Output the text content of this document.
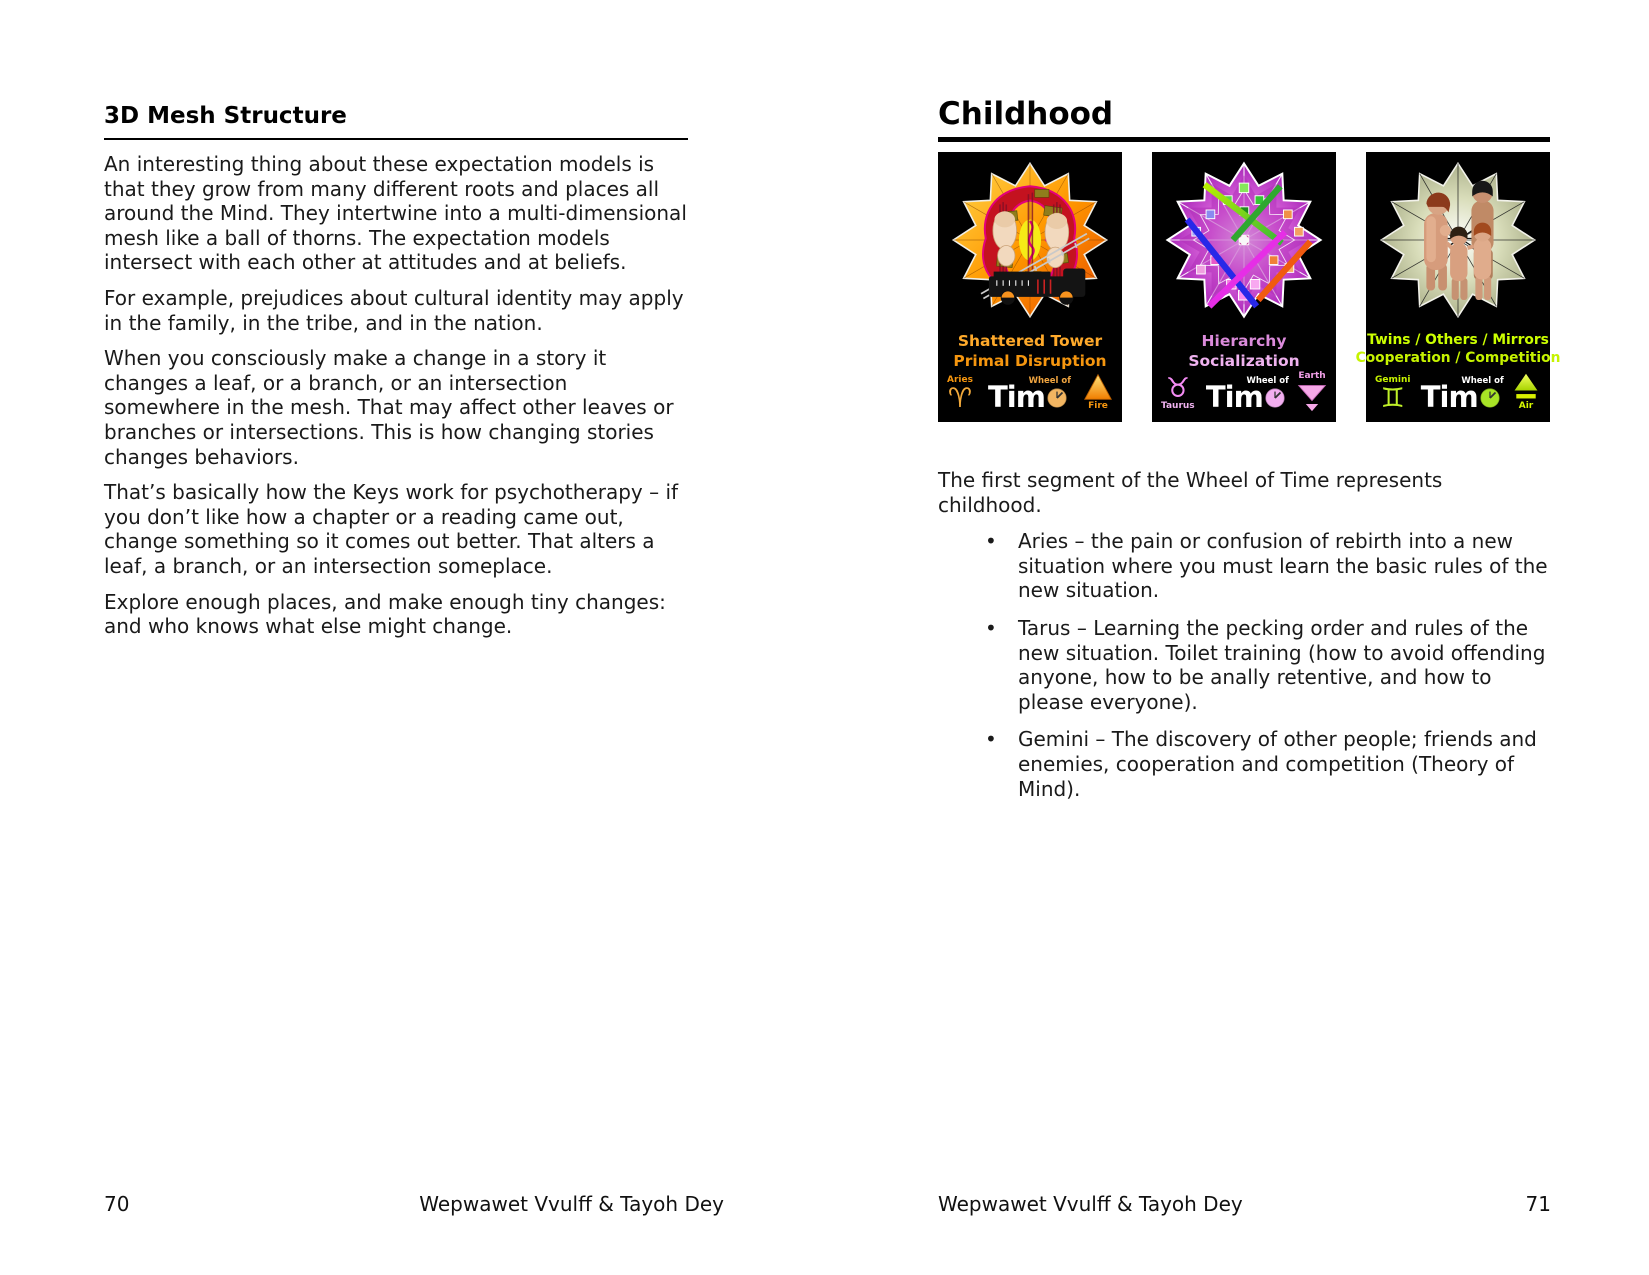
3D Mesh Structure

An interesting thing about these expectation models is that they grow from many different roots and places all around the Mind. They intertwine into a multi-dimensional mesh like a ball of thorns. The expectation models intersect with each other at attitudes and at beliefs.

For example, prejudices about cultural identity may apply in the family, in the tribe, and in the nation.

When you consciously make a change in a story it changes a leaf, or a branch, or an intersection somewhere in the mesh. That may affect other leaves or branches or intersections. This is how changing stories changes behaviors.

That’s basically how the Keys work for psychotherapy – if you don’t like how a chapter or a reading came out, change something so it comes out better. That alters a leaf, a branch, or an intersection someplace.

Explore enough places, and make enough tiny changes: and who knows what else might change.

Childhood
Shattered Tower
Primal Disruption
Aries
♈ Tim
Wheel of
Fire
Hierarchy
Socialization
♉
Taurus Tim
Wheel of Earth
Twins / Others / Mirrors
Cooperation / Competition
Gemini
♊ Tim
Wheel of
Air

The first segment of the Wheel of Time represents childhood.

• Aries – the pain or confusion of rebirth into a new situation where you must learn the basic rules of the new situation.
• Tarus – Learning the pecking order and rules of the new situation. Toilet training (how to avoid offending anyone, how to be anally retentive, and how to please everyone).
• Gemini – The discovery of other people; friends and enemies, cooperation and competition (Theory of Mind).
70	Wepwawet Vvulff & Tayoh Dey	Wepwawet Vvulff & Tayoh Dey	71
